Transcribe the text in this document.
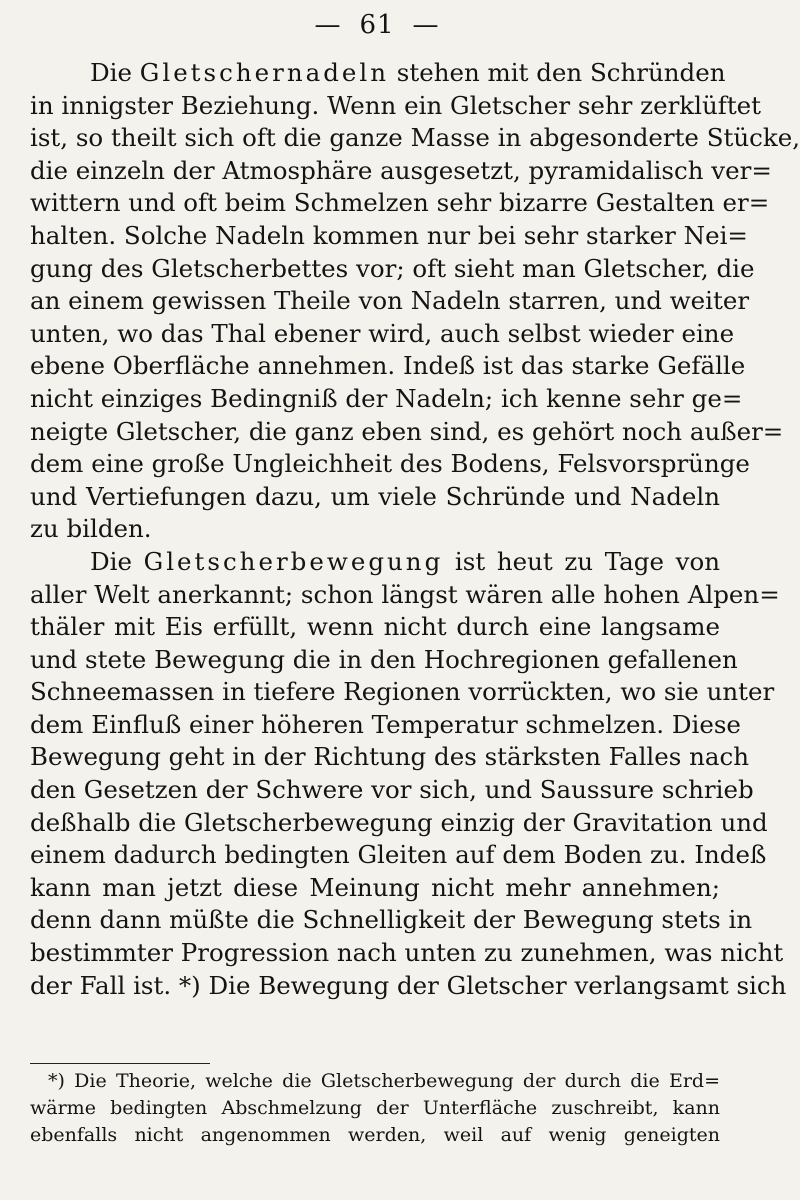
— 61 —
Die Gletschernadeln stehen mit den Schründen
in innigster Beziehung. Wenn ein Gletscher sehr zerklüftet
ist, so theilt sich oft die ganze Masse in abgesonderte Stücke,
die einzeln der Atmosphäre ausgesetzt, pyramidalisch ver=
wittern und oft beim Schmelzen sehr bizarre Gestalten er=
halten. Solche Nadeln kommen nur bei sehr starker Nei=
gung des Gletscherbettes vor; oft sieht man Gletscher, die
an einem gewissen Theile von Nadeln starren, und weiter
unten, wo das Thal ebener wird, auch selbst wieder eine
ebene Oberfläche annehmen. Indeß ist das starke Gefälle
nicht einziges Bedingniß der Nadeln; ich kenne sehr ge=
neigte Gletscher, die ganz eben sind, es gehört noch außer=
dem eine große Ungleichheit des Bodens, Felsvorsprünge
und Vertiefungen dazu, um viele Schründe und Nadeln
zu bilden.
Die Gletscherbewegung ist heut zu Tage von
aller Welt anerkannt; schon längst wären alle hohen Alpen=
thäler mit Eis erfüllt, wenn nicht durch eine langsame
und stete Bewegung die in den Hochregionen gefallenen
Schneemassen in tiefere Regionen vorrückten, wo sie unter
dem Einfluß einer höheren Temperatur schmelzen. Diese
Bewegung geht in der Richtung des stärksten Falles nach
den Gesetzen der Schwere vor sich, und Saussure schrieb
deßhalb die Gletscherbewegung einzig der Gravitation und
einem dadurch bedingten Gleiten auf dem Boden zu. Indeß
kann man jetzt diese Meinung nicht mehr annehmen;
denn dann müßte die Schnelligkeit der Bewegung stets in
bestimmter Progression nach unten zu zunehmen, was nicht
der Fall ist. *) Die Bewegung der Gletscher verlangsamt sich
*) Die Theorie, welche die Gletscherbewegung der durch die Erd=
wärme bedingten Abschmelzung der Unterfläche zuschreibt, kann
ebenfalls nicht angenommen werden, weil auf wenig geneigten
